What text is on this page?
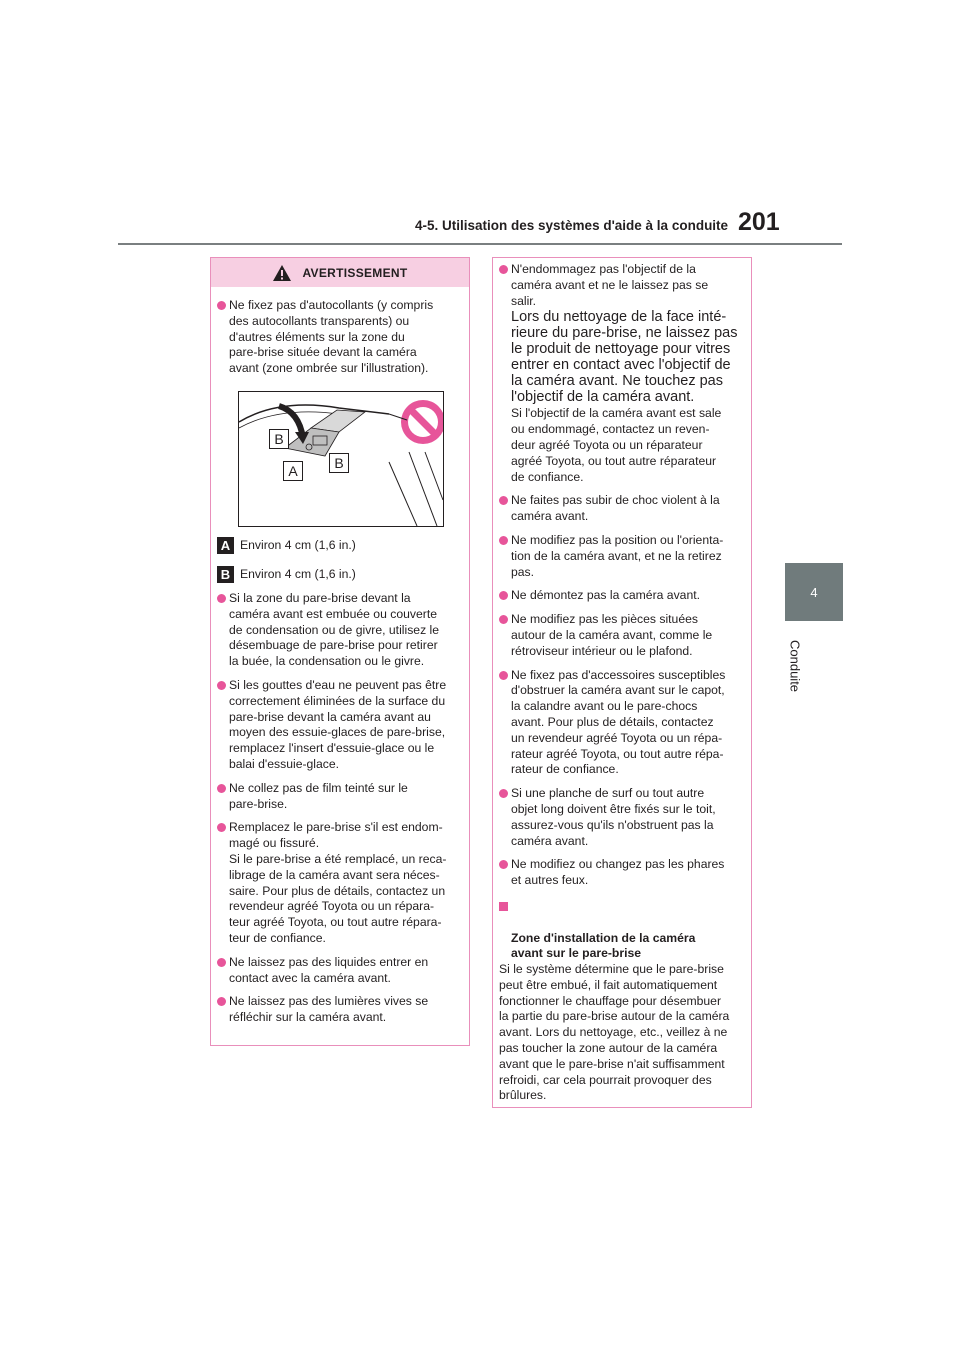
4-5. Utilisation des systèmes d'aide à la conduite 201
4
Conduite
AVERTISSEMENT
Ne fixez pas d'autocollants (y compris
des autocollants transparents) ou
d'autres éléments sur la zone du
pare-brise située devant la caméra
avant (zone ombrée sur l'illustration).
B
A	B
A Environ 4 cm (1,6 in.)
B Environ 4 cm (1,6 in.)
Si la zone du pare-brise devant la
caméra avant est embuée ou couverte
de condensation ou de givre, utilisez le
désembuage de pare-brise pour retirer
la buée, la condensation ou le givre.
Si les gouttes d'eau ne peuvent pas être
correctement éliminées de la surface du
pare-brise devant la caméra avant au
moyen des essuie-glaces de pare-brise,
remplacez l'insert d'essuie-glace ou le
balai d'essuie-glace.
Ne collez pas de film teinté sur le
pare-brise.
Remplacez le pare-brise s'il est endom-
magé ou fissuré.
Si le pare-brise a été remplacé, un reca-
librage de la caméra avant sera néces-
saire. Pour plus de détails, contactez un
revendeur agréé Toyota ou un répara-
teur agréé Toyota, ou tout autre répara-
teur de confiance.
Ne laissez pas des liquides entrer en
contact avec la caméra avant.
Ne laissez pas des lumières vives se
réfléchir sur la caméra avant.
N'endommagez pas l'objectif de la
caméra avant et ne le laissez pas se
salir.
Lors du nettoyage de la face inté-
rieure du pare-brise, ne laissez pas
le produit de nettoyage pour vitres
entrer en contact avec l'objectif de
la caméra avant. Ne touchez pas
l'objectif de la caméra avant.
Si l'objectif de la caméra avant est sale
ou endommagé, contactez un reven-
deur agréé Toyota ou un réparateur
agréé Toyota, ou tout autre réparateur
de confiance.
Ne faites pas subir de choc violent à la
caméra avant.
Ne modifiez pas la position ou l'orienta-
tion de la caméra avant, et ne la retirez
pas.
Ne démontez pas la caméra avant.
Ne modifiez pas les pièces situées
autour de la caméra avant, comme le
rétroviseur intérieur ou le plafond.
Ne fixez pas d'accessoires susceptibles
d'obstruer la caméra avant sur le capot,
la calandre avant ou le pare-chocs
avant. Pour plus de détails, contactez
un revendeur agréé Toyota ou un répa-
rateur agréé Toyota, ou tout autre répa-
rateur de confiance.
Si une planche de surf ou tout autre
objet long doivent être fixés sur le toit,
assurez-vous qu'ils n'obstruent pas la
caméra avant.
Ne modifiez ou changez pas les phares
et autres feux.

Zone d'installation de la caméra
avant sur le pare-brise

Si le système détermine que le pare-brise
peut être embué, il fait automatiquement
fonctionner le chauffage pour désembuer
la partie du pare-brise autour de la caméra
avant. Lors du nettoyage, etc., veillez à ne
pas toucher la zone autour de la caméra
avant que le pare-brise n'ait suffisamment
refroidi, car cela pourrait provoquer des
brûlures.
